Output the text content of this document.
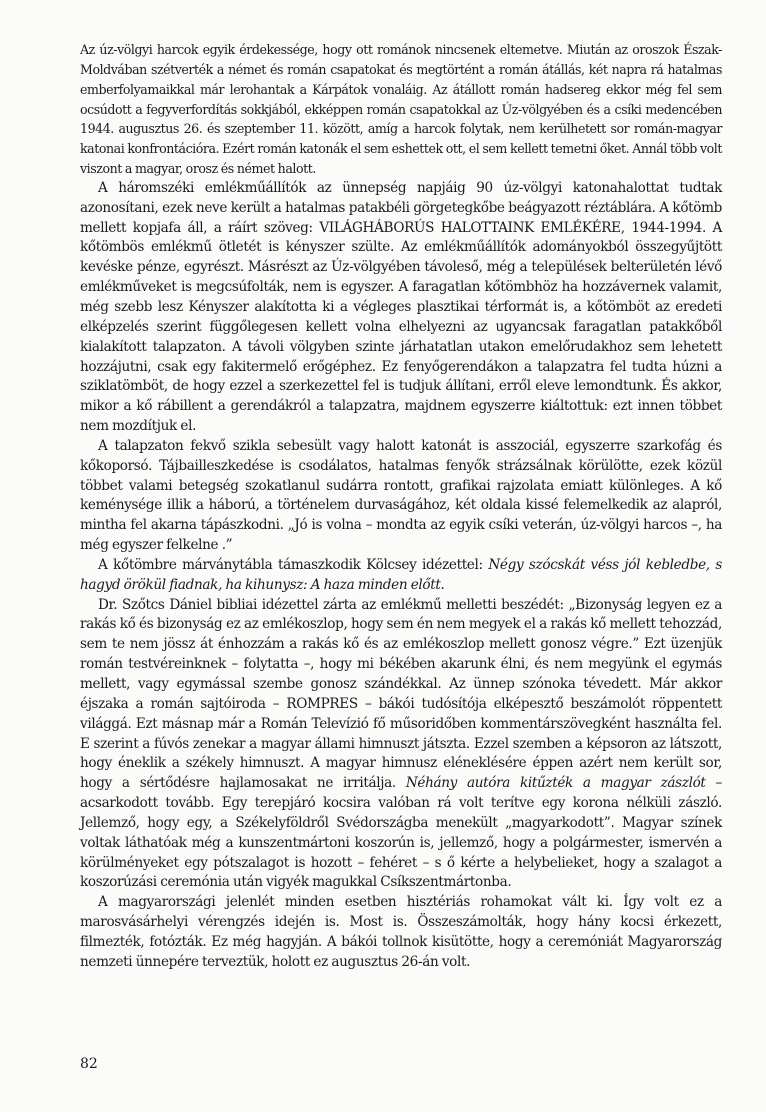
Az úz-völgyi harcok egyik érdekessége, hogy ott románok nincsenek eltemetve. Miután az oroszok Észak-Moldvában szétverték a német és román csapatokat és megtörtént a román átállás, két napra rá hatalmas emberfolyamaikkal már lerohantak a Kárpátok vonaláig. Az átállott román hadsereg ekkor még fel sem ocsúdott a fegyverfordítás sokkjából, ekképpen román csapatokkal az Úz-völgyében és a csíki medencében 1944. augusztus 26. és szeptember 11. között, amíg a harcok folytak, nem kerülhetett sor román-magyar katonai konfrontációra. Ezért román katonák el sem eshettek ott, el sem kellett temetni őket. Annál több volt viszont a magyar, orosz és német halott.

A háromszéki emlékműállítók az ünnepség napjáig 90 úz-völgyi katonahalottat tudtak azonosítani, ezek neve került a hatalmas patakbéli görgetegkőbe beágyazott réztáblára. A kőtömb mellett kopjafa áll, a ráírt szöveg: VILÁGHÁBORÚS HALOTTAINK EMLÉKÉRE, 1944-1994. A kőtömbös emlékmű ötletét is kényszer szülte. Az emlékműállítók adományokból összegyűjtött kevéske pénze, egyrészt. Másrészt az Úz-völgyében távoleső, még a települések belterületén lévő emlékműveket is megcsúfolták, nem is egyszer. A faragatlan kőtömbhöz ha hozzávernek valamit, még szebb lesz Kényszer alakította ki a végleges plasztikai térformát is, a kőtömböt az eredeti elképzelés szerint függőlegesen kellett volna elhelyezni az ugyancsak faragatlan patakkőből kialakított talapzaton. A távoli völgyben szinte járhatatlan utakon emelőrudakhoz sem lehetett hozzájutni, csak egy fakitermelő erőgéphez. Ez fenyőgerendákon a talapzatra fel tudta húzni a sziklatömböt, de hogy ezzel a szerkezettel fel is tudjuk állítani, erről eleve lemondtunk. És akkor, mikor a kő rábillent a gerendákról a talapzatra, majdnem egyszerre kiáltottuk: ezt innen többet nem mozdítjuk el.

A talapzaton fekvő szikla sebesült vagy halott katonát is asszociál, egyszerre szarkofág és kőkoporsó. Tájbailleszkedése is csodálatos, hatalmas fenyők strázsálnak körülötte, ezek közül többet valami betegség szokatlanul sudárra rontott, grafikai rajzolata emiatt különleges. A kő keménysége illik a háború, a történelem durvaságához, két oldala kissé felemelkedik az alapról, mintha fel akarna tápászkodni. „Jó is volna – mondta az egyik csíki veterán, úz-völgyi harcos –, ha még egyszer felkelne .”

A kőtömbre márványtábla támaszkodik Kölcsey idézettel: Négy szócskát véss jól kebledbe, s hagyd örökül fiadnak, ha kihunysz: A haza minden előtt.

Dr. Szőtcs Dániel bibliai idézettel zárta az emlékmű melletti beszédét: „Bizonyság legyen ez a rakás kő és bizonyság ez az emlékoszlop, hogy sem én nem megyek el a rakás kő mellett tehozzád, sem te nem jössz át énhozzám a rakás kő és az emlékoszlop mellett gonosz végre.” Ezt üzenjük román testvéreinknek – folytatta –, hogy mi békében akarunk élni, és nem megyünk el egymás mellett, vagy egymással szembe gonosz szándékkal. Az ünnep szónoka tévedett. Már akkor éjszaka a román sajtóiroda – ROMPRES – bákói tudósítója elképesztő beszámolót röppentett világgá. Ezt másnap már a Román Televízió fő műsoridőben kommentárszövegként használta fel. E szerint a fúvós zenekar a magyar állami himnuszt játszta. Ezzel szemben a képsoron az látszott, hogy éneklik a székely himnuszt. A magyar himnusz eléneklésére éppen azért nem került sor, hogy a sértődésre hajlamosakat ne irritálja. Néhány autóra kitűzték a magyar zászlót – acsarkodott tovább. Egy terepjáró kocsira valóban rá volt terítve egy korona nélküli zászló. Jellemző, hogy egy, a Székelyföldről Svédországba menekült „magyarkodott”. Magyar színek voltak láthatóak még a kunszentmártoni koszorún is, jellemző, hogy a polgármester, ismervén a körülményeket egy pótszalagot is hozott – fehéret – s ő kérte a helybelieket, hogy a szalagot a koszorúzási ceremónia után vigyék magukkal Csíkszentmártonba.

A magyarországi jelenlét minden esetben hisztériás rohamokat vált ki. Így volt ez a marosvásárhelyi vérengzés idején is. Most is. Összeszámolták, hogy hány kocsi érkezett, filmezték, fotózták. Ez még hagyján. A bákói tollnok kisütötte, hogy a ceremóniát Magyarország nemzeti ünnepére terveztük, holott ez augusztus 26-án volt.

82
